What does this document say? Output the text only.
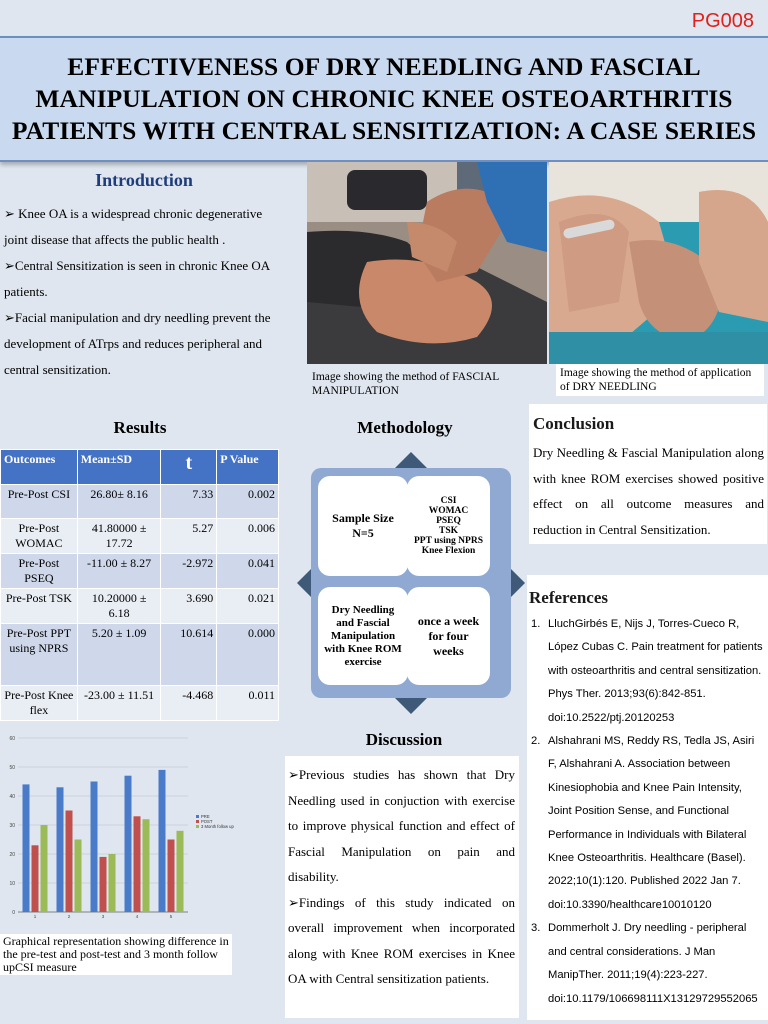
PG008
EFFECTIVENESS OF DRY NEEDLING AND FASCIAL MANIPULATION ON CHRONIC KNEE OSTEOARTHRITIS PATIENTS WITH CENTRAL SENSITIZATION: A CASE SERIES
Introduction
➢ Knee OA is a widespread chronic degenerative joint disease that affects the public health .
➢Central Sensitization is seen in chronic Knee OA patients.
➢Facial manipulation and dry needling prevent the development of ATrps and reduces peripheral and central sensitization.	Image showing the method of FASCIAL MANIPULATION
Image showing the method of application of DRY NEEDLING
Results
Outcomes	Mean±SD	t	P Value
Pre-Post CSI	26.80± 8.16	7.33	0.002
Pre-Post WOMAC	41.80000 ± 17.72	5.27	0.006
Pre-Post PSEQ	-11.00 ± 8.27	-2.972	0.041
Pre-Post TSK	10.20000 ± 6.18	3.690	0.021
Pre-Post PPT using NPRS	5.20 ± 1.09	10.614	0.000
Pre-Post Knee flex	-23.00 ± 11.51	-4.468	0.011
0
10
20
30
40
50
60
1	2	3	4	5
PRE
POST
3 Month follow up
Graphical representation showing difference in the pre-test and post-test and 3 month follow upCSI measure
Methodology
Sample Size N=5
CSI
WOMAC
PSEQ
TSK
PPT using NPRS
Knee Flexion
Dry Needling and Fascial Manipulation with Knee ROM exercise
once a week for four weeks
Discussion

➢Previous studies has shown that Dry Needling used in conjuction with exercise to improve physical function and effect of Fascial Manipulation on pain and disability.

➢Findings of this study indicated on overall improvement when incorporated along with Knee ROM exercises in Knee OA with Central sensitization patients.

Conclusion

Dry Needling & Fascial Manipulation along with knee ROM exercises showed positive effect on all outcome measures and reduction in Central Sensitization.

References
1. LluchGirbés E, Nijs J, Torres-Cueco R, López Cubas C. Pain treatment for patients with osteoarthritis and central sensitization. Phys Ther. 2013;93(6):842-851. doi:10.2522/ptj.20120253
2. Alshahrani MS, Reddy RS, Tedla JS, Asiri F, Alshahrani A. Association between Kinesiophobia and Knee Pain Intensity, Joint Position Sense, and Functional Performance in Individuals with Bilateral Knee Osteoarthritis. Healthcare (Basel). 2022;10(1):120. Published 2022 Jan 7. doi:10.3390/healthcare10010120
3. Dommerholt J. Dry needling - peripheral and central considerations. J Man ManipTher. 2011;19(4):223-227. doi:10.1179/106698111X13129729552065
